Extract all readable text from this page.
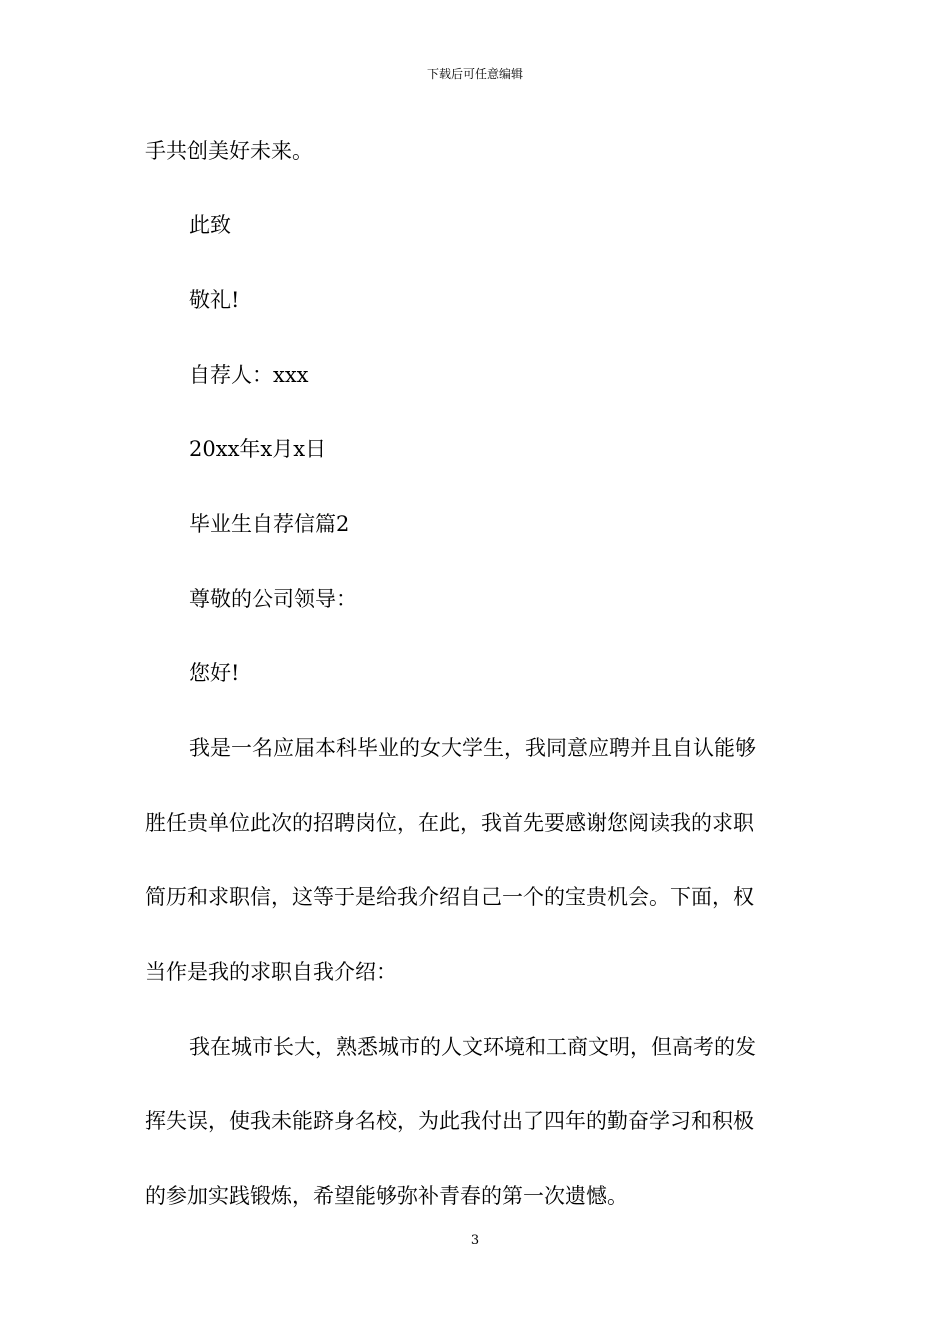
下载后可任意编辑
手共创美好未来。
此致
敬礼!
自荐人：xxx
20xx年x月x日
毕业生自荐信篇2
尊敬的公司领导：
您好!
我是一名应届本科毕业的女大学生，我同意应聘并且自认能够
胜任贵单位此次的招聘岗位，在此，我首先要感谢您阅读我的求职
简历和求职信，这等于是给我介绍自己一个的宝贵机会。下面，权
当作是我的求职自我介绍：
我在城市长大，熟悉城市的人文环境和工商文明，但高考的发
挥失误，使我未能跻身名校，为此我付出了四年的勤奋学习和积极
的参加实践锻炼，希望能够弥补青春的第一次遗憾。
3
